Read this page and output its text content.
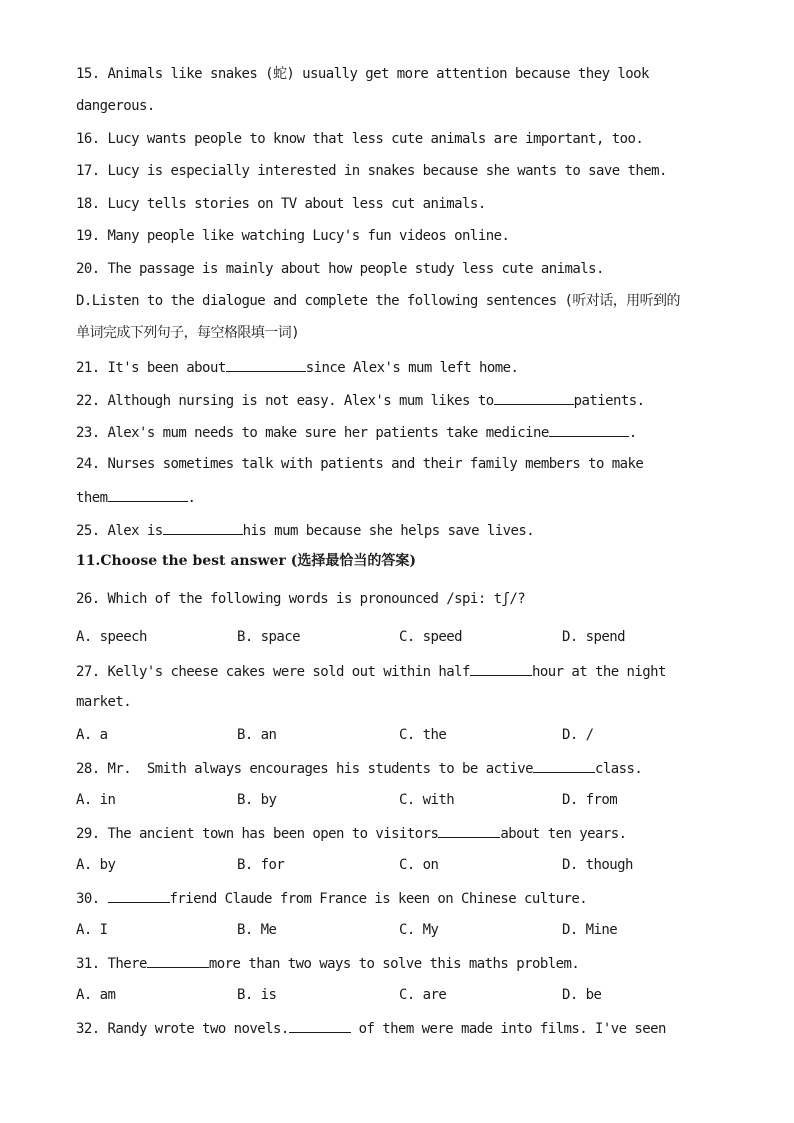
15. Animals like snakes (蛇) usually get more attention because they look
dangerous.
16. Lucy wants people to know that less cute animals are important, too.
17. Lucy is especially interested in snakes because she wants to save them.
18. Lucy tells stories on TV about less cut animals.
19. Many people like watching Lucy's fun videos online.
20. The passage is mainly about how people study less cute animals.
D.Listen to the dialogue and complete the following sentences (听对话，用听到的
单词完成下列句子，每空格限填一词)
21. It's been about	since Alex's mum left home.
22. Although nursing is not easy. Alex's mum likes to	patients.
23. Alex's mum needs to make sure her patients take medicine	.
24. Nurses sometimes talk with patients and their family members to make
them	.
25. Alex is	his mum because she helps save lives.
11.Choose the best answer (选择最恰当的答案)
26. Which of the following words is pronounced /spi: tʃ/?
A. speech	B. space	C. speed	D. spend
27. Kelly's cheese cakes were sold out within half	hour at the night
market.
A. a	B. an	C. the	D. /
28. Mr.  Smith always encourages his students to be active	class.
A. in	B. by	C. with	D. from
29. The ancient town has been open to visitors	about ten years.
A. by	B. for	C. on	D. though
30.	friend Claude from France is keen on Chinese culture.
A. I	B. Me	C. My	D. Mine
31. There	more than two ways to solve this maths problem.
A. am	B. is	C. are	D. be
32. Randy wrote two novels.	of them were made into films. I've seen
